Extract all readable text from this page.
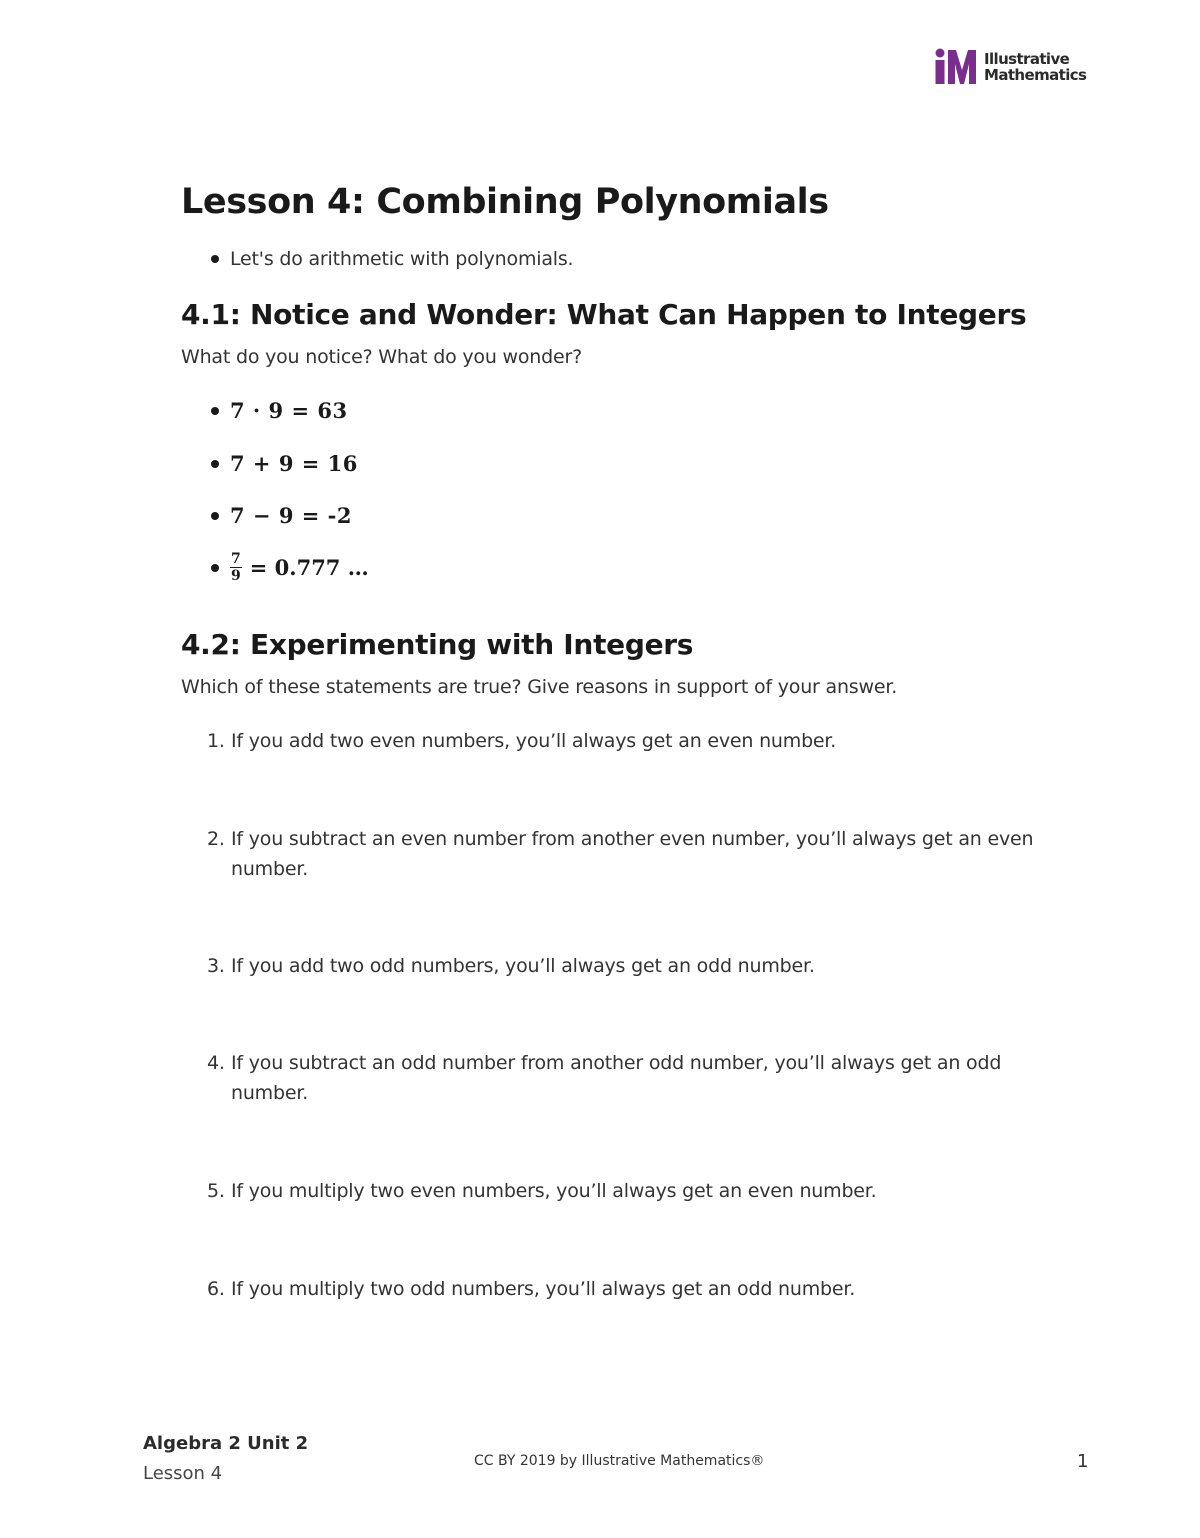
Illustrative
Mathematics
Lesson 4: Combining Polynomials
Let's do arithmetic with polynomials.
4.1: Notice and Wonder: What Can Happen to Integers
What do you notice? What do you wonder?
7 · 9 = 63
7 + 9 = 16
7 − 9 = -2
$\frac{7}{9} = 0.777$ …
4.2: Experimenting with Integers
Which of these statements are true? Give reasons in support of your answer.
1. If you add two even numbers, you’ll always get an even number.
2. If you subtract an even number from another even number, you’ll always get an even number.
3. If you add two odd numbers, you’ll always get an odd number.
4. If you subtract an odd number from another odd number, you’ll always get an odd number.
5. If you multiply two even numbers, you’ll always get an even number.
6. If you multiply two odd numbers, you’ll always get an odd number.
Algebra 2 Unit 2
Lesson 4
CC BY 2019 by Illustrative Mathematics®	1
